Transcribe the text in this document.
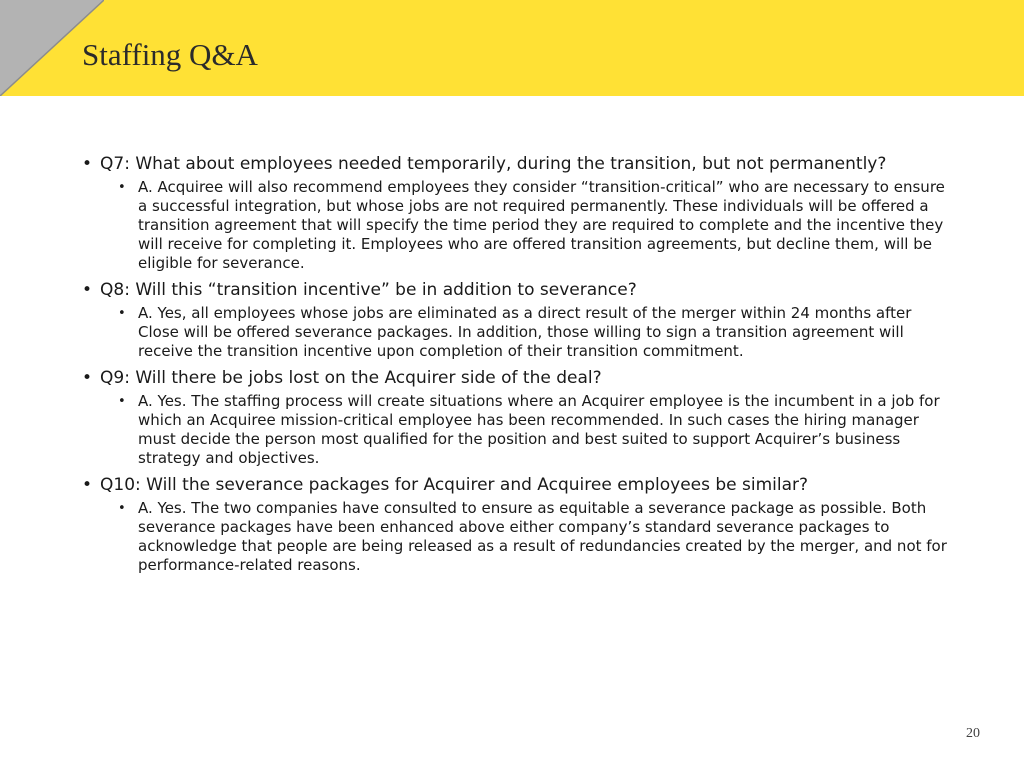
Staffing Q&A
• Q7: What about employees needed temporarily, during the transition, but not permanently?
• A. Acquiree will also recommend employees they consider “transition-critical” who are necessary to ensure a successful integration, but whose jobs are not required permanently. These individuals will be offered a transition agreement that will specify the time period they are required to complete and the incentive they will receive for completing it. Employees who are offered transition agreements, but decline them, will be eligible for severance.
• Q8: Will this “transition incentive” be in addition to severance?
• A. Yes, all employees whose jobs are eliminated as a direct result of the merger within 24 months after Close will be offered severance packages. In addition, those willing to sign a transition agreement will receive the transition incentive upon completion of their transition commitment.
• Q9: Will there be jobs lost on the Acquirer side of the deal?
• A. Yes. The staffing process will create situations where an Acquirer employee is the incumbent in a job for which an Acquiree mission-critical employee has been recommended. In such cases the hiring manager must decide the person most qualified for the position and best suited to support Acquirer’s business strategy and objectives.
• Q10: Will the severance packages for Acquirer and Acquiree employees be similar?
• A. Yes. The two companies have consulted to ensure as equitable a severance package as possible. Both severance packages have been enhanced above either company’s standard severance packages to acknowledge that people are being released as a result of redundancies created by the merger, and not for performance-related reasons.
20
